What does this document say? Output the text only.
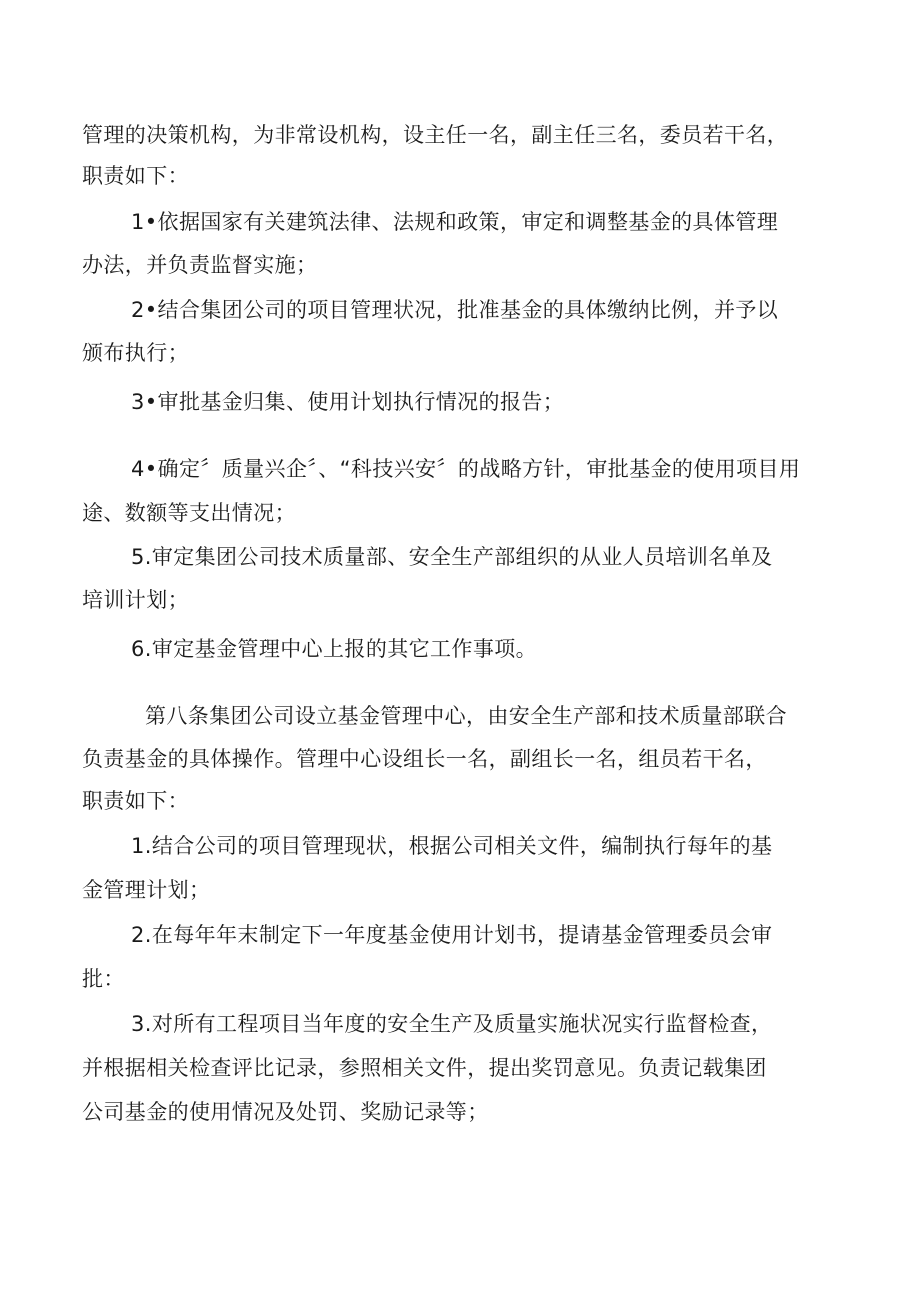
管理的决策机构，为非常设机构，设主任一名，副主任三名，委员若干名，
职责如下：
1•依据国家有关建筑法律、法规和政策，审定和调整基金的具体管理
办法，并负责监督实施；
2•结合集团公司的项目管理状况，批准基金的具体缴纳比例，并予以
颁布执行；
3•审批基金归集、使用计划执行情况的报告；
4•确定〞质量兴企〞、“科技兴安〞的战略方针，审批基金的使用项目用
途、数额等支出情况；
5.审定集团公司技术质量部、安全生产部组织的从业人员培训名单及
培训计划；
6.审定基金管理中心上报的其它工作事项。
第八条集团公司设立基金管理中心，由安全生产部和技术质量部联合
负责基金的具体操作。管理中心设组长一名，副组长一名，组员若干名，
职责如下：
1.结合公司的项目管理现状，根据公司相关文件，编制执行每年的基
金管理计划；
2.在每年年末制定下一年度基金使用计划书，提请基金管理委员会审
批：
3.对所有工程项目当年度的安全生产及质量实施状况实行监督检查，
并根据相关检查评比记录，参照相关文件，提出奖罚意见。负责记载集团
公司基金的使用情况及处罚、奖励记录等；
